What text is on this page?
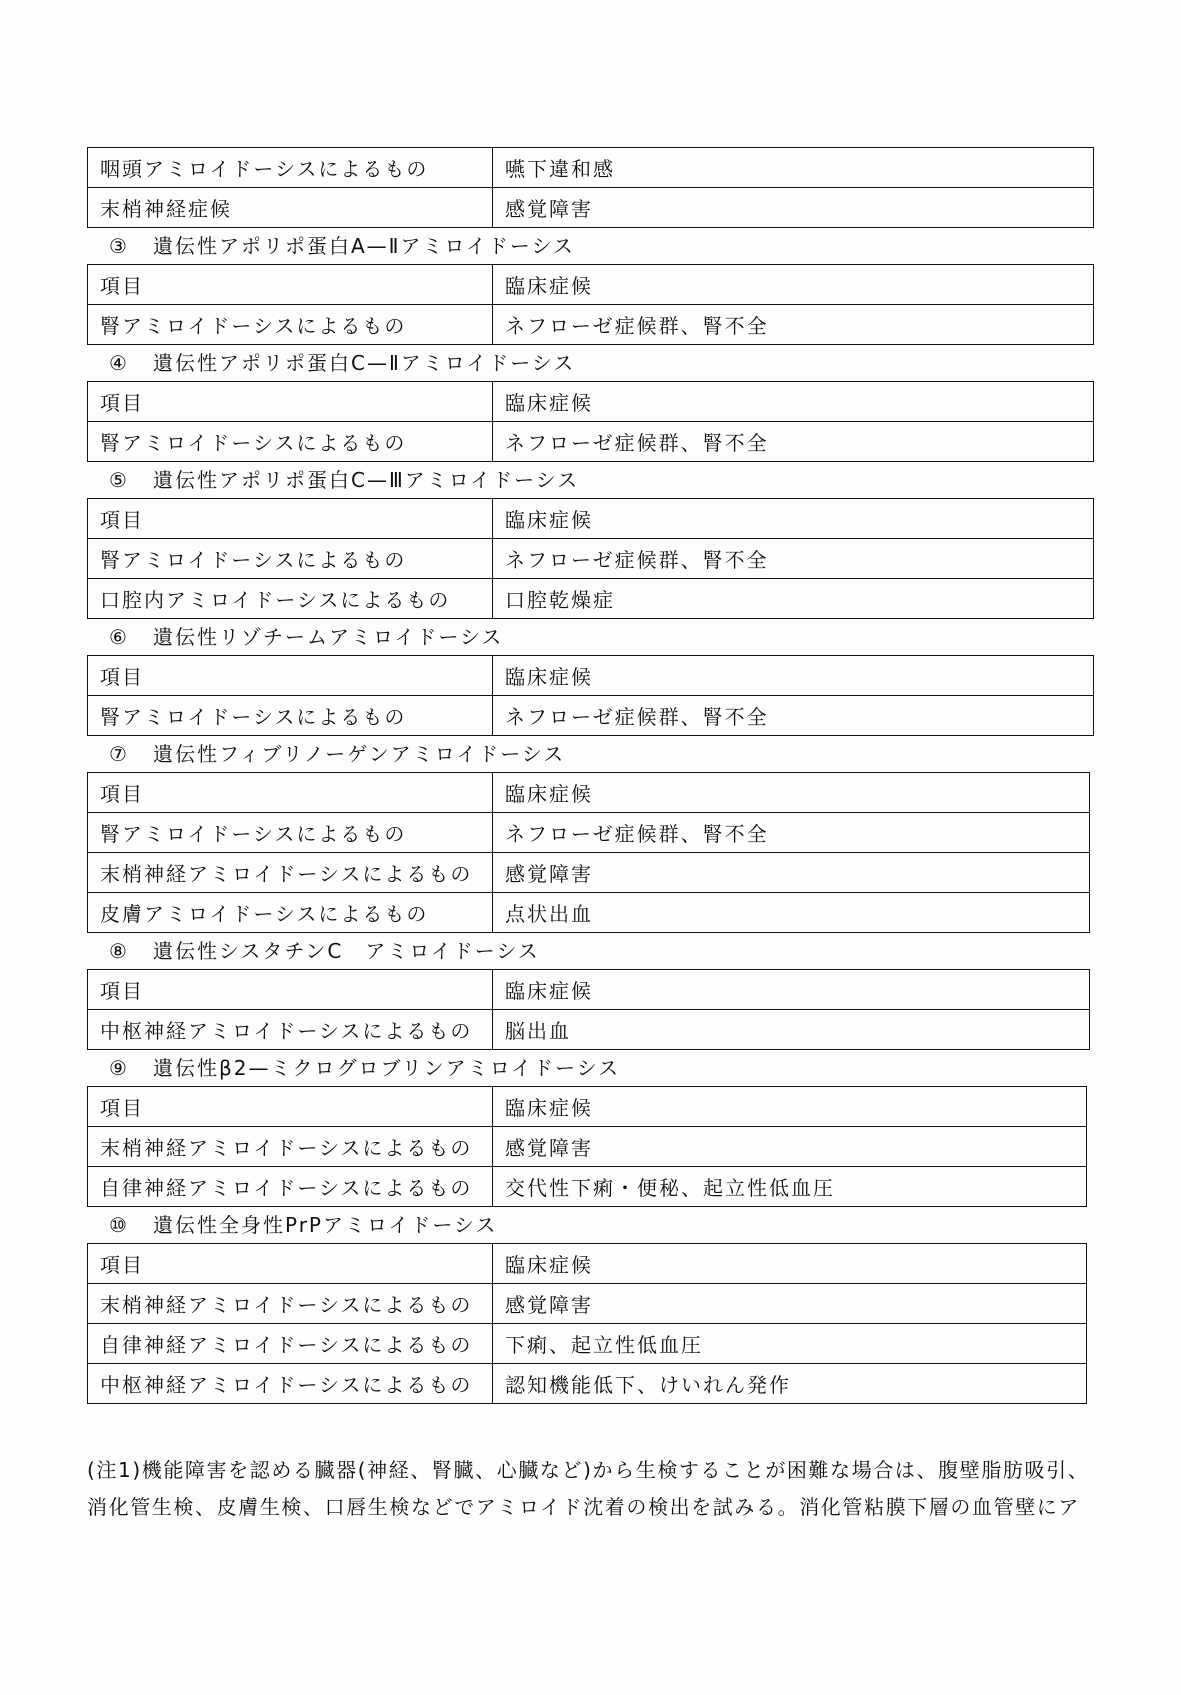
咽頭アミロイドーシスによるもの	嚥下違和感
末梢神経症候	感覚障害
③ 遺伝性アポリポ蛋白A—Ⅱアミロイドーシス
項目	臨床症候
腎アミロイドーシスによるもの	ネフローゼ症候群、腎不全
④ 遺伝性アポリポ蛋白C—Ⅱアミロイドーシス
項目	臨床症候
腎アミロイドーシスによるもの	ネフローゼ症候群、腎不全
⑤ 遺伝性アポリポ蛋白C—Ⅲアミロイドーシス
項目	臨床症候
腎アミロイドーシスによるもの	ネフローゼ症候群、腎不全
口腔内アミロイドーシスによるもの	口腔乾燥症
⑥ 遺伝性リゾチームアミロイドーシス
項目	臨床症候
腎アミロイドーシスによるもの	ネフローゼ症候群、腎不全
⑦ 遺伝性フィブリノーゲンアミロイドーシス
項目	臨床症候
腎アミロイドーシスによるもの	ネフローゼ症候群、腎不全
末梢神経アミロイドーシスによるもの	感覚障害
皮膚アミロイドーシスによるもの	点状出血
⑧ 遺伝性シスタチンC　アミロイドーシス
項目	臨床症候
中枢神経アミロイドーシスによるもの	脳出血
⑨ 遺伝性β2—ミクログロブリンアミロイドーシス
項目	臨床症候
末梢神経アミロイドーシスによるもの	感覚障害
自律神経アミロイドーシスによるもの	交代性下痢・便秘、起立性低血圧
⑩ 遺伝性全身性PrPアミロイドーシス
項目	臨床症候
末梢神経アミロイドーシスによるもの	感覚障害
自律神経アミロイドーシスによるもの	下痢、起立性低血圧
中枢神経アミロイドーシスによるもの	認知機能低下、けいれん発作
(注1)機能障害を認める臓器(神経、腎臓、心臓など)から生検することが困難な場合は、腹壁脂肪吸引、
消化管生検、皮膚生検、口唇生検などでアミロイド沈着の検出を試みる。消化管粘膜下層の血管壁にア
